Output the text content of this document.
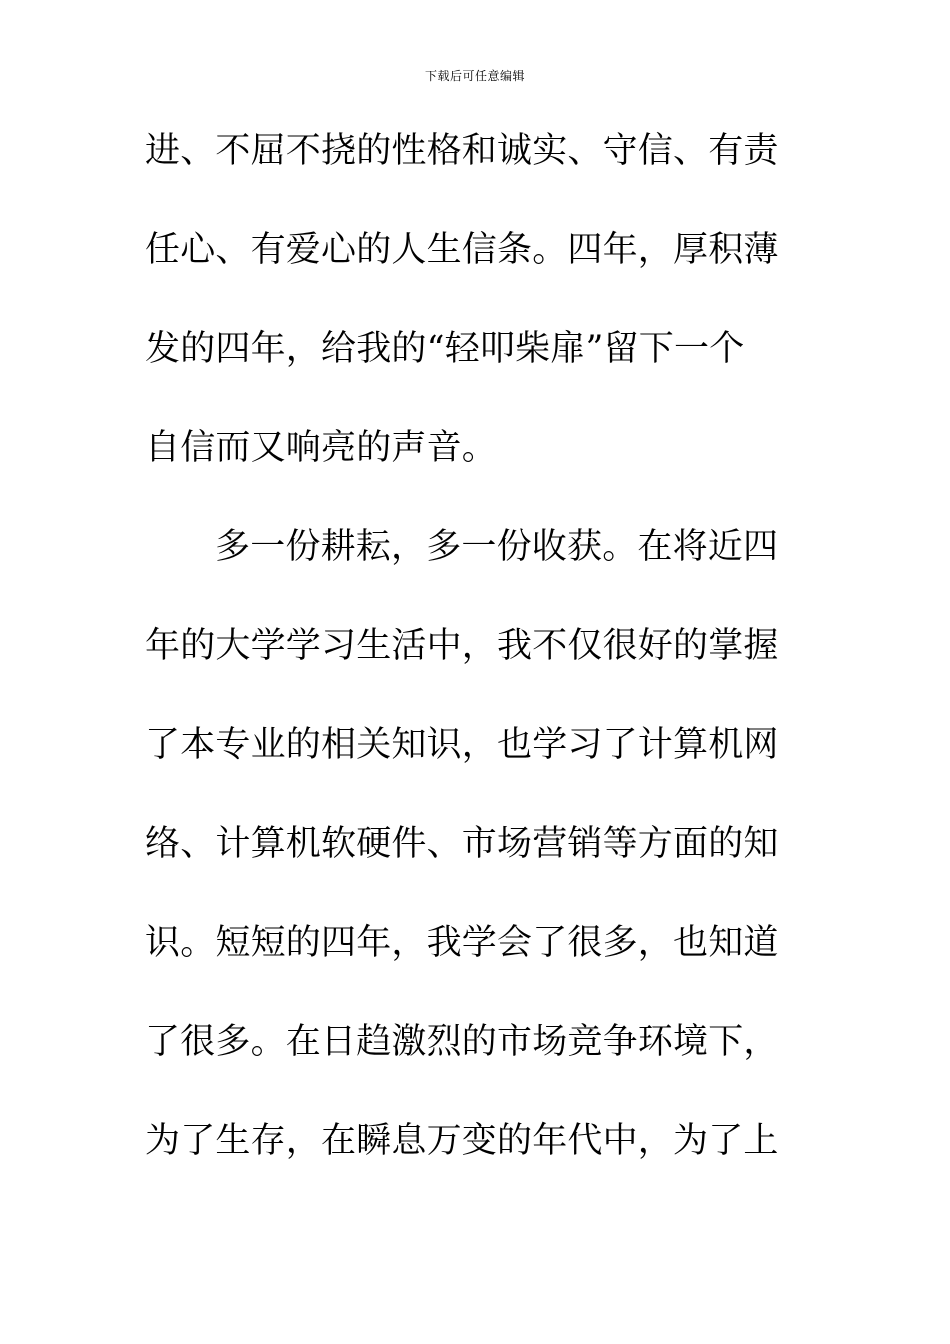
下载后可任意编辑
进、不屈不挠的性格和诚实、守信、有责
任心、有爱心的人生信条。四年，厚积薄
发的四年，给我的“轻叩柴扉”留下一个
自信而又响亮的声音。
多一份耕耘，多一份收获。在将近四
年的大学学习生活中，我不仅很好的掌握
了本专业的相关知识，也学习了计算机网
络、计算机软硬件、市场营销等方面的知
识。短短的四年，我学会了很多，也知道
了很多。在日趋激烈的市场竞争环境下，
为了生存，在瞬息万变的年代中，为了上
